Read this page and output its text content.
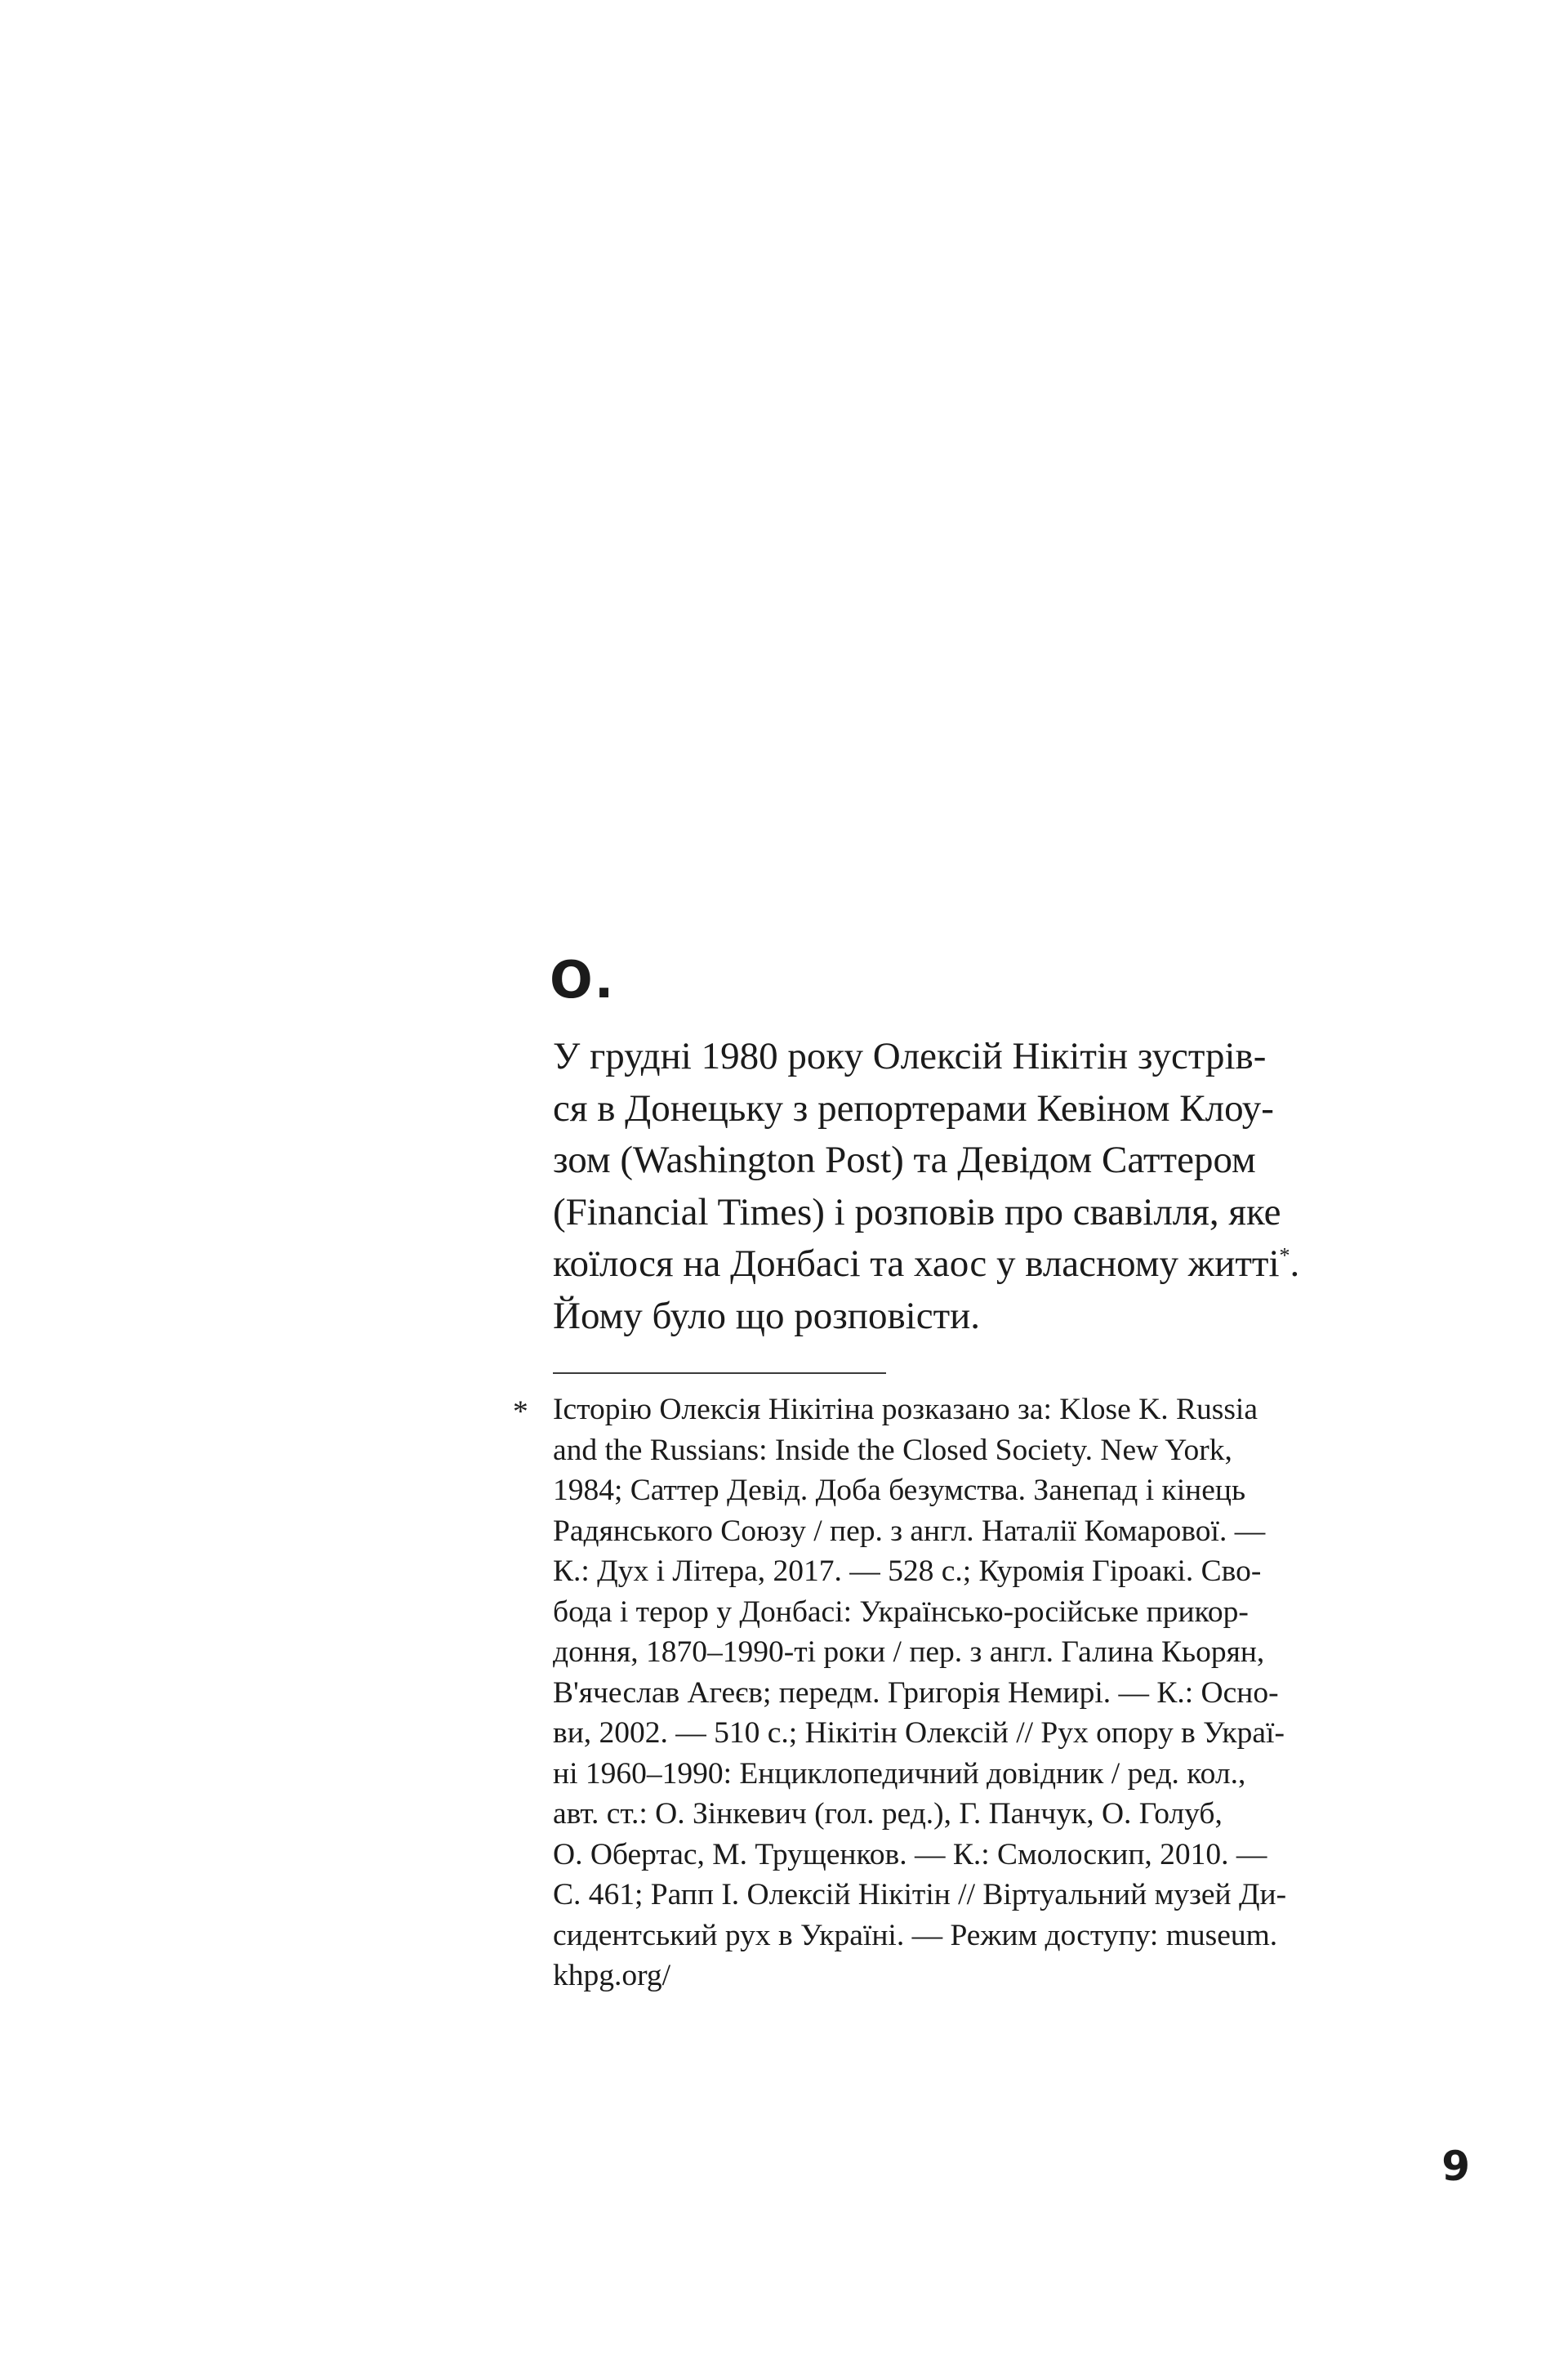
О.

У грудні 1980 року Олексій Нікітін зустрів-
ся в Донецьку з репортерами Кевіном Клоу-
зом (Washington Post) та Девідом Саттером
(Financial Times) і розповів про свавілля, яке
коїлося на Донбасі та хаос у власному житті*.
Йому було що розповісти.

* Історію Олексія Нікітіна розказано за: Klose K. Russia
and the Russians: Inside the Closed Society. New York,
1984; Саттер Девід. Доба безумства. Занепад і кінець
Радянського Союзу / пер. з англ. Наталії Комарової. —
К.: Дух і Літера, 2017. — 528 с.; Куромія Гіроакі. Сво-
бода і терор у Донбасі: Українсько-російське прикор-
доння, 1870–1990-ті роки / пер. з англ. Галина Кьорян,
В'ячеслав Агеєв; передм. Григорія Немирі. — К.: Осно-
ви, 2002. — 510 с.; Нікітін Олексій // Рух опору в Украї-
ні 1960–1990: Енциклопедичний довідник / ред. кол.,
авт. ст.: О. Зінкевич (гол. ред.), Г. Панчук, О. Голуб,
О. Обертас, М. Трущенков. — К.: Смолоскип, 2010. —
С. 461; Рапп І. Олексій Нікітін // Віртуальний музей Ди-
сидентський рух в Україні. — Режим доступу: museum.
khpg.org/

9
